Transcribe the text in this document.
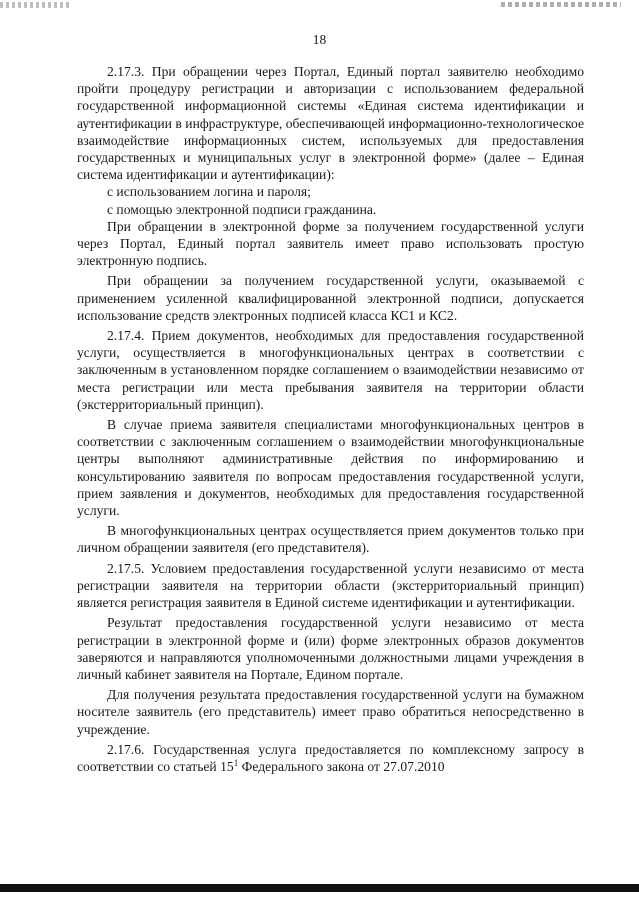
18

2.17.3. При обращении через Портал, Единый портал заявителю необходимо пройти процедуру регистрации и авторизации с использованием федеральной государственной информационной системы «Единая система идентификации и аутентификации в инфраструктуре, обеспечивающей информационно-технологическое взаимодействие информационных систем, используемых для предоставления государственных и муниципальных услуг в электронной форме» (далее – Единая система идентификации и аутентификации):

с использованием логина и пароля;

с помощью электронной подписи гражданина.

При обращении в электронной форме за получением государственной услуги через Портал, Единый портал заявитель имеет право использовать простую электронную подпись.

При обращении за получением государственной услуги, оказываемой с применением усиленной квалифицированной электронной подписи, допускается использование средств электронных подписей класса КС1 и КС2.

2.17.4. Прием документов, необходимых для предоставления государственной услуги, осуществляется в многофункциональных центрах в соответствии с заключенным в установленном порядке соглашением о взаимодействии независимо от места регистрации или места пребывания заявителя на территории области (экстерриториальный принцип).

В случае приема заявителя специалистами многофункциональных центров в соответствии с заключенным соглашением о взаимодействии многофункциональные центры выполняют административные действия по информированию и консультированию заявителя по вопросам предоставления государственной услуги, прием заявления и документов, необходимых для предоставления государственной услуги.

В многофункциональных центрах осуществляется прием документов только при личном обращении заявителя (его представителя).

2.17.5. Условием предоставления государственной услуги независимо от места регистрации заявителя на территории области (экстерриториальный принцип) является регистрация заявителя в Единой системе идентификации и аутентификации.

Результат предоставления государственной услуги независимо от места регистрации в электронной форме и (или) форме электронных образов документов заверяются и направляются уполномоченными должностными лицами учреждения в личный кабинет заявителя на Портале, Едином портале.

Для получения результата предоставления государственной услуги на бумажном носителе заявитель (его представитель) имеет право обратиться непосредственно в учреждение.

2.17.6. Государственная услуга предоставляется по комплексному запросу в соответствии со статьей $15^1$ Федерального закона от 27.07.2010
